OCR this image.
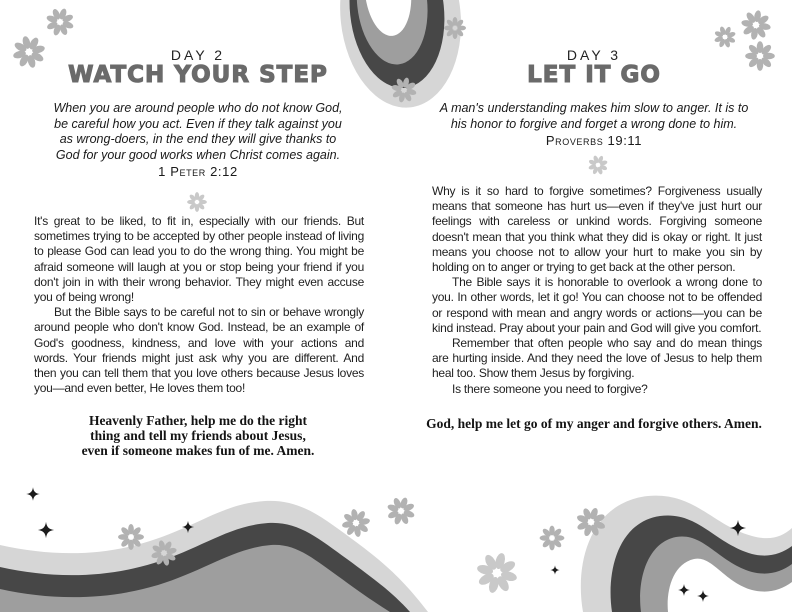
DAY 2
WATCH YOUR STEP
When you are around people who do not know God,
be careful how you act. Even if they talk against you
as wrong-doers, in the end they will give thanks to
God for your good works when Christ comes again.
1 Peter 2:12

It's great to be liked, to fit in, especially with our friends. But sometimes trying to be accepted by other people instead of living to please God can lead you to do the wrong thing. You might be afraid someone will laugh at you or stop being your friend if you don't join in with their wrong behavior. They might even accuse you of being wrong!

But the Bible says to be careful not to sin or behave wrongly around people who don't know God. Instead, be an example of God's goodness, kindness, and love with your actions and words. Your friends might just ask why you are different. And then you can tell them that you love others because Jesus loves you—and even better, He loves them too!

Heavenly Father, help me do the right
thing and tell my friends about Jesus,
even if someone makes fun of me. Amen.
DAY 3
LET IT GO
A man's understanding makes him slow to anger. It is to
his honor to forgive and forget a wrong done to him.
Proverbs 19:11

Why is it so hard to forgive sometimes? Forgiveness usually means that someone has hurt us—even if they've just hurt our feelings with careless or unkind words. Forgiving someone doesn't mean that you think what they did is okay or right. It just means you choose not to allow your hurt to make you sin by holding on to anger or trying to get back at the other person.

The Bible says it is honorable to overlook a wrong done to you. In other words, let it go! You can choose not to be offended or respond with mean and angry words or actions—you can be kind instead. Pray about your pain and God will give you comfort.

Remember that often people who say and do mean things are hurting inside. And they need the love of Jesus to help them heal too. Show them Jesus by forgiving.

Is there someone you need to forgive?

God, help me let go of my anger and forgive others. Amen.
